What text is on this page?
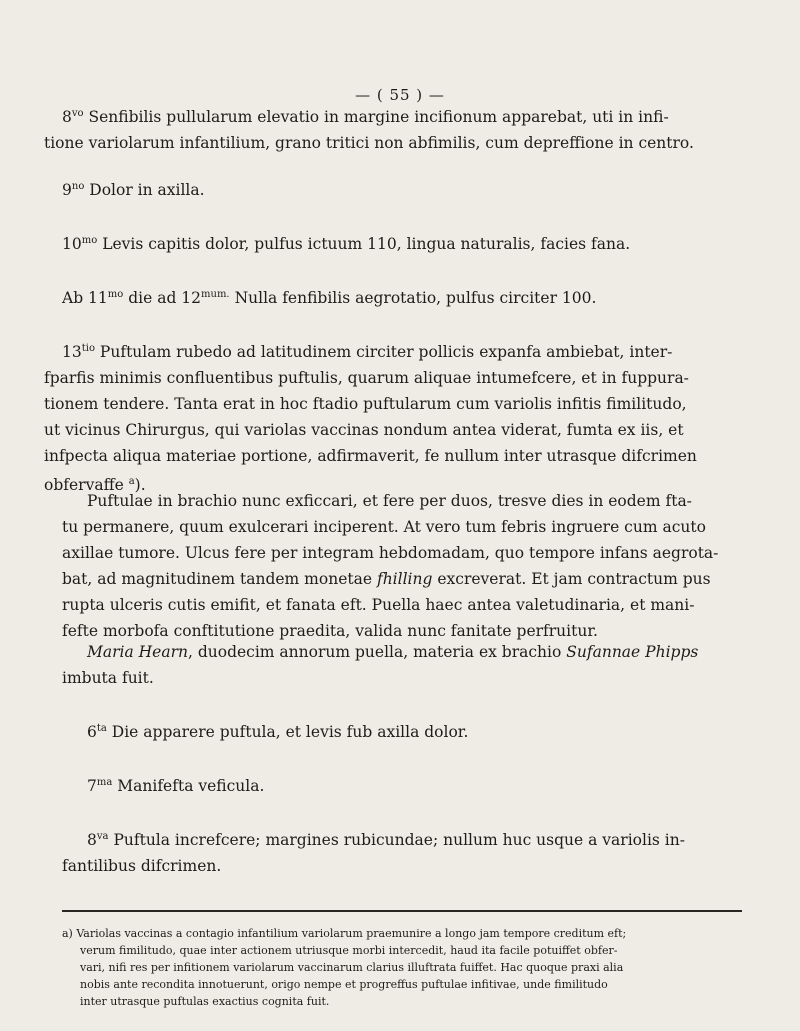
— ( 55 ) —
$8^{vo}$ Senfibilis pullularum elevatio in margine incifionum apparebat, uti in infi-
tione variolarum infantilium, grano tritici non abfimilis, cum depreffione in centro.
$9^{no}$ Dolor in axilla.
$10^{mo}$ Levis capitis dolor, pulfus ictuum 110, lingua naturalis, facies fana.
Ab $11^{mo}$ die ad $12^{mum.}$ Nulla fenfibilis aegrotatio, pulfus circiter 100.
$13^{tio}$ Puftulam rubedo ad latitudinem circiter pollicis expanfa ambiebat, inter-
fparfis minimis confluentibus puftulis, quarum aliquae intumefcere, et in fuppura-
tionem tendere. Tanta erat in hoc ftadio puftularum cum variolis infitis fimilitudo,
ut vicinus Chirurgus, qui variolas vaccinas nondum antea viderat, fumta ex iis, et
infpecta aliqua materiae portione, adfirmaverit, fe nullum inter utrasque difcrimen
obfervaffe $^a$).
Puftulae in brachio nunc exficcari, et fere per duos, tresve dies in eodem fta-
tu permanere, quum exulcerari inciperent. At vero tum febris ingruere cum acuto
axillae tumore. Ulcus fere per integram hebdomadam, quo tempore infans aegrota-
bat, ad magnitudinem tandem monetae fhilling excreverat. Et jam contractum pus
rupta ulceris cutis emifit, et fanata eft. Puella haec antea valetudinaria, et mani-
fefte morbofa conftitutione praedita, valida nunc fanitate perfruitur.
Maria Hearn, duodecim annorum puella, materia ex brachio Sufannae Phipps
imbuta fuit.
$6^{ta}$ Die apparere puftula, et levis fub axilla dolor.
$7^{ma}$ Manifefta veficula.
$8^{va}$ Puftula increfcere; margines rubicundae; nullum huc usque a variolis in-
fantilibus difcrimen.
a) Variolas vaccinas a contagio infantilium variolarum praemunire a longo jam tempore creditum eft;
verum fimilitudo, quae inter actionem utriusque morbi intercedit, haud ita facile potuiffet obfer-
vari, nifi res per infitionem variolarum vaccinarum clarius illuftrata fuiffet. Hac quoque praxi alia
nobis ante recondita innotuerunt, origo nempe et progreffus puftulae infitivae, unde fimilitudo
inter utrasque puftulas exactius cognita fuit.
